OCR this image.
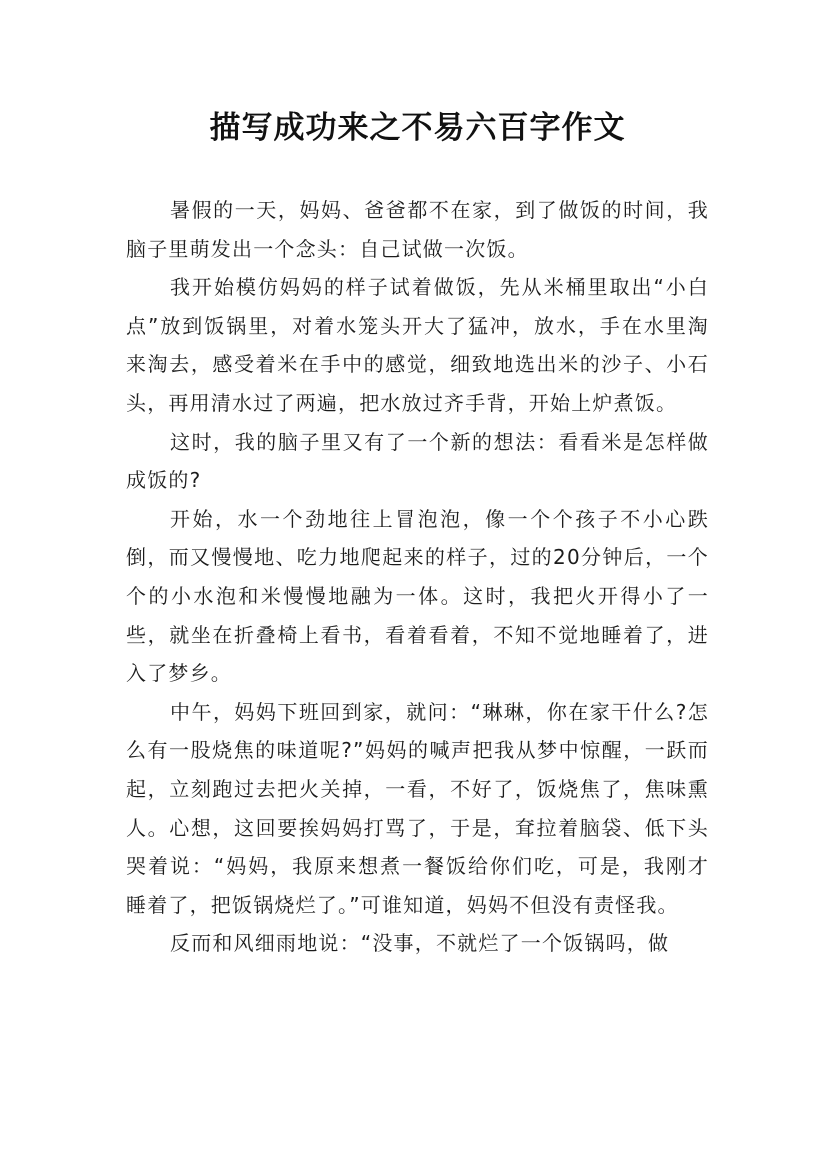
描写成功来之不易六百字作文

暑假的一天，妈妈、爸爸都不在家，到了做饭的时间，我脑子里萌发出一个念头：自己试做一次饭。

我开始模仿妈妈的样子试着做饭，先从米桶里取出“小白点”放到饭锅里，对着水笼头开大了猛冲，放水，手在水里淘来淘去，感受着米在手中的感觉，细致地选出米的沙子、小石头，再用清水过了两遍，把水放过齐手背，开始上炉煮饭。

这时，我的脑子里又有了一个新的想法：看看米是怎样做成饭的?

开始，水一个劲地往上冒泡泡，像一个个孩子不小心跌倒，而又慢慢地、吃力地爬起来的样子，过的20分钟后，一个个的小水泡和米慢慢地融为一体。这时，我把火开得小了一些，就坐在折叠椅上看书，看着看着，不知不觉地睡着了，进入了梦乡。

中午，妈妈下班回到家，就问：“琳琳，你在家干什么?怎么有一股烧焦的味道呢?”妈妈的喊声把我从梦中惊醒，一跃而起，立刻跑过去把火关掉，一看，不好了，饭烧焦了，焦味熏人。心想，这回要挨妈妈打骂了，于是，耷拉着脑袋、低下头哭着说：“妈妈，我原来想煮一餐饭给你们吃，可是，我刚才睡着了，把饭锅烧烂了。”可谁知道，妈妈不但没有责怪我。

反而和风细雨地说：“没事，不就烂了一个饭锅吗，做
